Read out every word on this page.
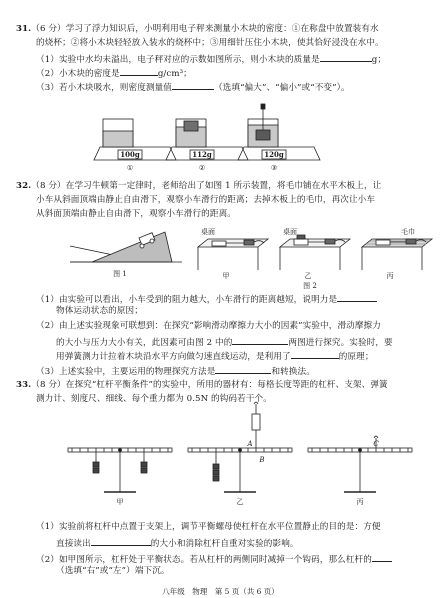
31.（6 分）学习了浮力知识后，小明利用电子秤来测量小木块的密度：①在称盘中放置装有水
的烧杯；②将小木块轻轻放入装水的烧杯中；③用细针压住小木块，使其恰好浸没在水中。
（1）实验中水均未溢出，电子秤对应的示数如图所示，则小木块的质量是	g；
（2）小木块的密度是	g/cm³；
（3）若小木块吸水，则密度测量值	（选填“偏大”、“偏小”或“不变”）。
100g	112g	120g
①	②	③
32.（8 分）在学习牛顿第一定律时，老师给出了如图 1 所示装置，将毛巾铺在水平木板上，让
小车从斜面顶端由静止自由滑下，观察小车滑行的距离；去掉木板上的毛巾，再次让小车
从斜面顶端由静止自由滑下，观察小车滑行的距离。
桌面	桌面	毛巾
图 1	甲	乙	丙
图 2
（1）由实验可以看出，小车受到的阻力越大，小车滑行的距离越短，说明力是
物体运动状态的原因；
（2）由上述实验现象可联想到：在探究“影响滑动摩擦力大小的因素”实验中，滑动摩擦力
的大小与压力大小有关，此因素可由图 2 中的	两图进行探究。实验时，要
用弹簧测力计拉着木块沿水平方向做匀速直线运动，是利用了	的原理；
（3）上述实验中，主要运用的物理探究方法是	和转换法。
33.（8 分）在探究“杠杆平衡条件”的实验中，所用的器材有：每格长度等距的杠杆、支架、弹簧
测力计、刻度尺、细线、每个重力都为 0.5N 的钩码若干个。
A
B
C
甲	乙	丙
（1）实验前将杠杆中点置于支架上，调节平衡螺母使杠杆在水平位置静止的目的是：方便
直接读出	的大小和消除杠杆自重对实验的影响。
（2）如甲图所示，杠杆处于平衡状态。若从杠杆的两侧同时减掉一个钩码，那么杠杆的
（选填“右”或“左”）端下沉。
八年级　物理　第 5 页（共 6 页）
